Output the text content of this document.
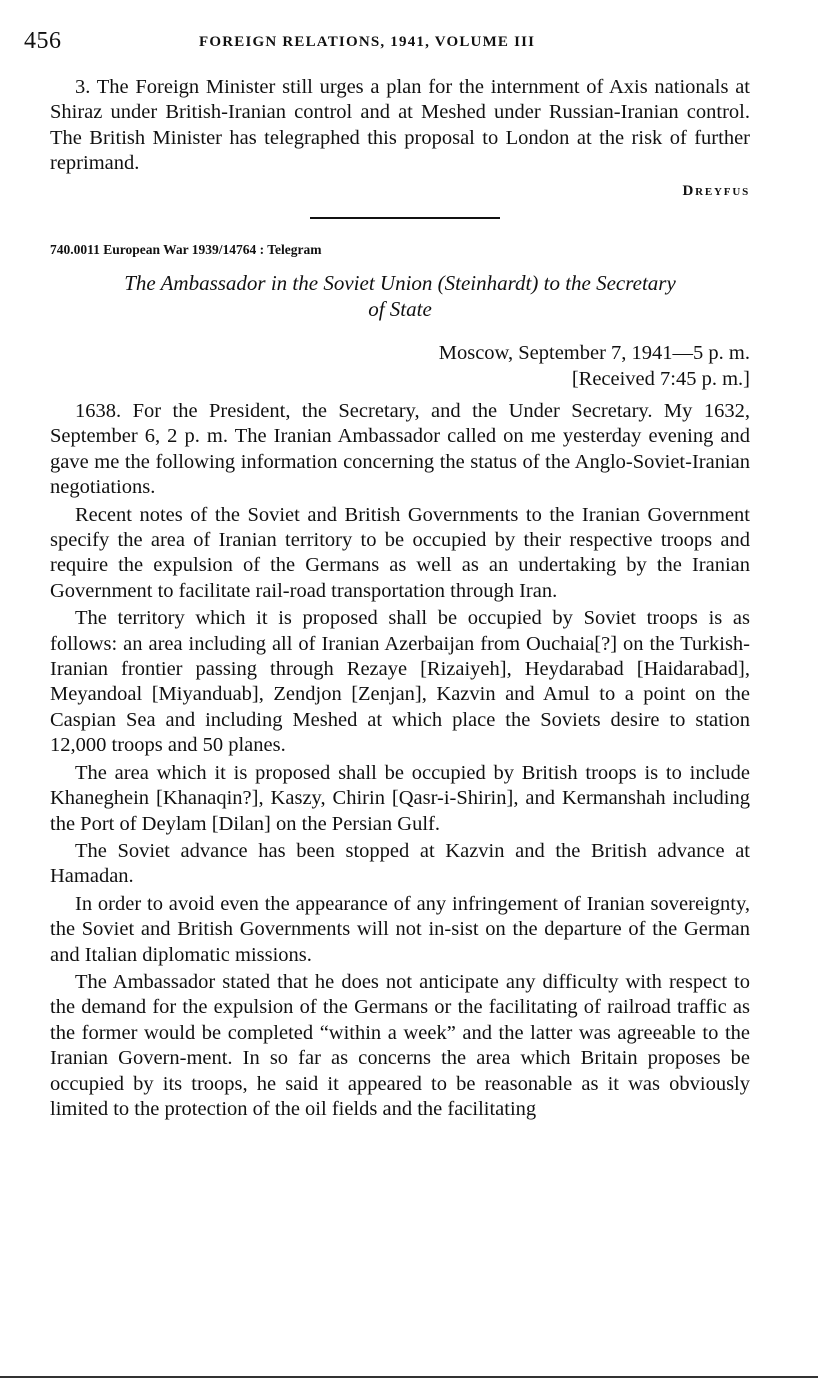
456	FOREIGN RELATIONS, 1941, VOLUME III

3. The Foreign Minister still urges a plan for the internment of Axis nationals at Shiraz under British-Iranian control and at Meshed under Russian-Iranian control. The British Minister has telegraphed this proposal to London at the risk of further reprimand.

Dreyfus
740.0011 European War 1939/14764 : Telegram
The Ambassador in the Soviet Union (Steinhardt) to the Secretary
of State
Moscow, September 7, 1941—5 p. m.
[Received 7:45 p. m.]

1638. For the President, the Secretary, and the Under Secretary. My 1632, September 6, 2 p. m. The Iranian Ambassador called on me yesterday evening and gave me the following information concerning the status of the Anglo-Soviet-Iranian negotiations.

Recent notes of the Soviet and British Governments to the Iranian Government specify the area of Iranian territory to be occupied by their respective troops and require the expulsion of the Germans as well as an undertaking by the Iranian Government to facilitate rail-road transportation through Iran.

The territory which it is proposed shall be occupied by Soviet troops is as follows: an area including all of Iranian Azerbaijan from Ouchaia[?] on the Turkish-Iranian frontier passing through Rezaye [Rizaiyeh], Heydarabad [Haidarabad], Meyandoal [Miyanduab], Zendjon [Zenjan], Kazvin and Amul to a point on the Caspian Sea and including Meshed at which place the Soviets desire to station 12,000 troops and 50 planes.

The area which it is proposed shall be occupied by British troops is to include Khaneghein [Khanaqin?], Kaszy, Chirin [Qasr-i-Shirin], and Kermanshah including the Port of Deylam [Dilan] on the Persian Gulf.

The Soviet advance has been stopped at Kazvin and the British advance at Hamadan.

In order to avoid even the appearance of any infringement of Iranian sovereignty, the Soviet and British Governments will not in-sist on the departure of the German and Italian diplomatic missions.

The Ambassador stated that he does not anticipate any difficulty with respect to the demand for the expulsion of the Germans or the facilitating of railroad traffic as the former would be completed “within a week” and the latter was agreeable to the Iranian Govern-ment. In so far as concerns the area which Britain proposes be occupied by its troops, he said it appeared to be reasonable as it was obviously limited to the protection of the oil fields and the facilitating
